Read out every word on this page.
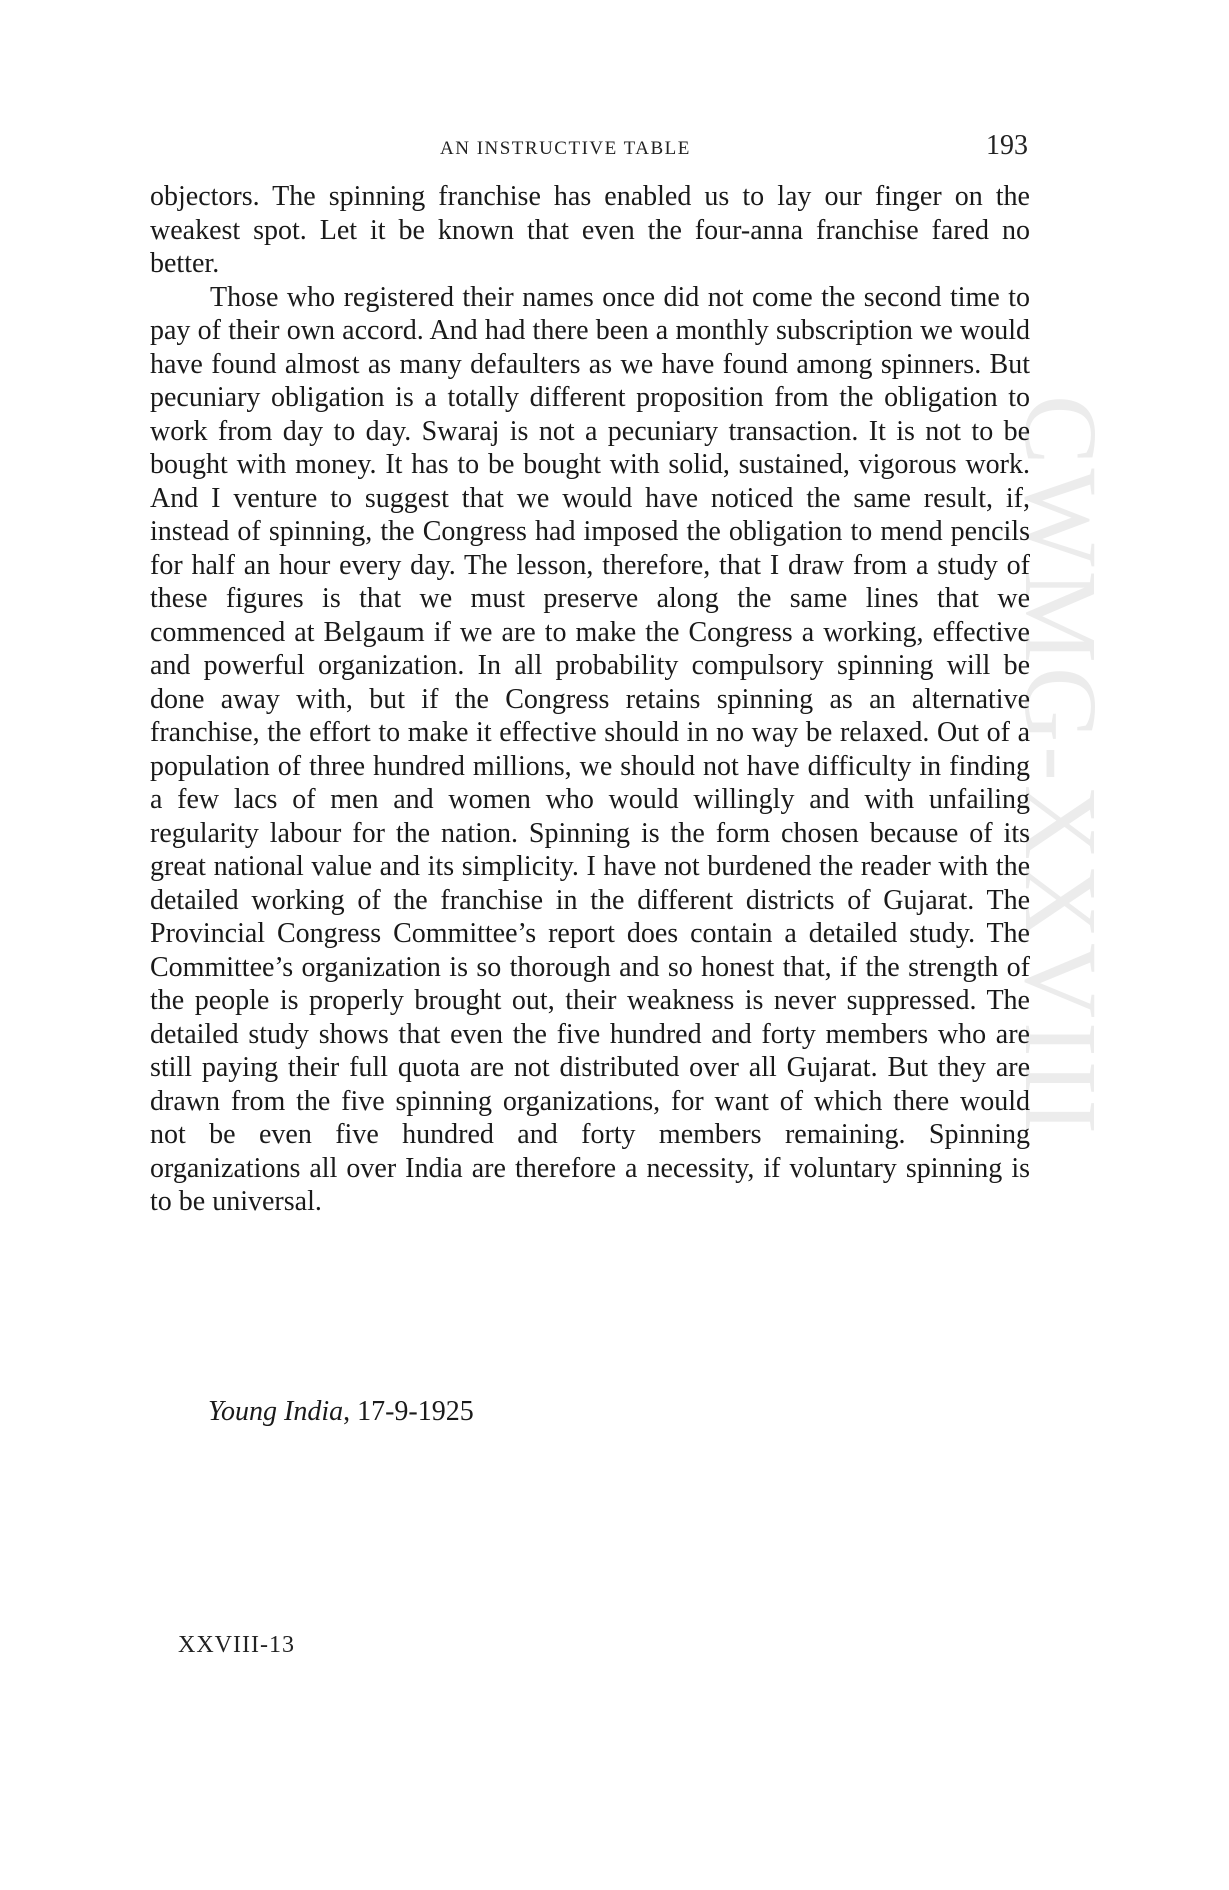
CWMG-XXVIII
AN INSTRUCTIVE TABLE	193

objectors. The spinning franchise has enabled us to lay our finger on the weakest spot. Let it be known that even the four-anna franchise fared no better.

Those who registered their names once did not come the second time to pay of their own accord. And had there been a monthly subscription we would have found almost as many defaulters as we have found among spinners. But pecuniary obligation is a totally different proposition from the obligation to work from day to day. Swaraj is not a pecuniary transaction. It is not to be bought with money. It has to be bought with solid, sustained, vigorous work. And I venture to suggest that we would have noticed the same result, if, instead of spinning, the Congress had imposed the obligation to mend pencils for half an hour every day. The lesson, therefore, that I draw from a study of these figures is that we must preserve along the same lines that we commenced at Belgaum if we are to make the Congress a working, effective and powerful organization. In all probability compulsory spinning will be done away with, but if the Congress retains spinning as an alternative franchise, the effort to make it effective should in no way be relaxed. Out of a population of three hundred millions, we should not have difficulty in finding a few lacs of men and women who would willingly and with unfailing regularity labour for the nation. Spinning is the form chosen because of its great national value and its simplicity. I have not burdened the reader with the detailed working of the franchise in the different districts of Gujarat. The Provincial Congress Committee’s report does contain a detailed study. The Committee’s organization is so thorough and so honest that, if the strength of the people is properly brought out, their weakness is never suppressed. The detailed study shows that even the five hundred and forty members who are still paying their full quota are not distributed over all Gujarat. But they are drawn from the five spinning organizations, for want of which there would not be even five hundred and forty members remaining. Spinning organizations all over India are therefore a necessity, if voluntary spinning is to be universal.

Young India, 17-9-1925
XXVIII-13
